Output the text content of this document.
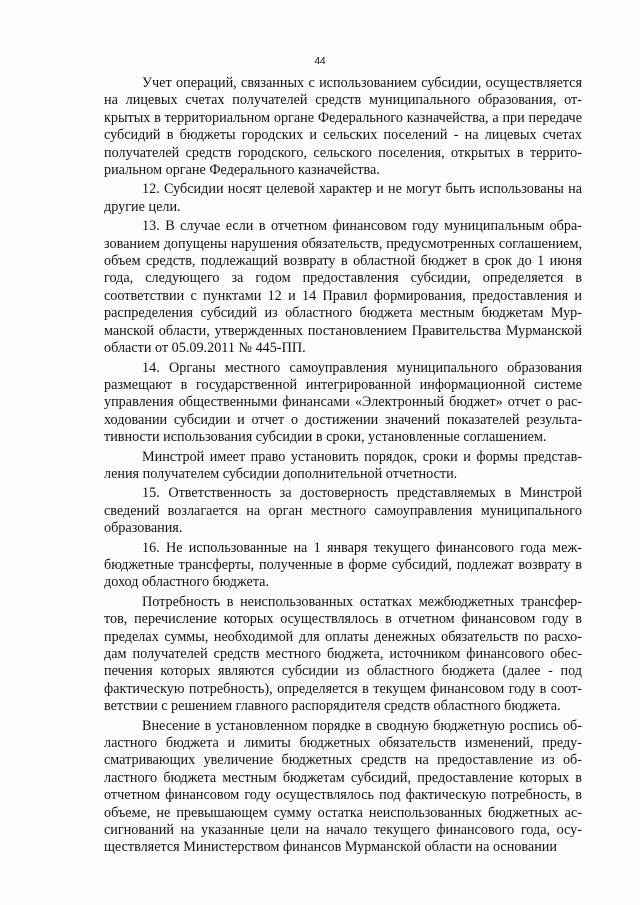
44

Учет операций, связанных с использованием субсидии, осуществляется на лицевых счетах получателей средств муниципального образования, открытых в территориальном органе Федерального казначейства, а при передаче субсидий в бюджеты городских и сельских поселений - на лицевых счетах получателей средств городского, сельского поселения, открытых в территориальном органе Федерального казначейства.

12. Субсидии носят целевой характер и не могут быть использованы на другие цели.

13. В случае если в отчетном финансовом году муниципальным образованием допущены нарушения обязательств, предусмотренных соглашением, объем средств, подлежащий возврату в областной бюджет в срок до 1 июня года, следующего за годом предоставления субсидии, определяется в соответствии с пунктами 12 и 14 Правил формирования, предоставления и распределения субсидий из областного бюджета местным бюджетам Мурманской области, утвержденных постановлением Правительства Мурманской области от 05.09.2011 № 445-ПП.

14. Органы местного самоуправления муниципального образования размещают в государственной интегрированной информационной системе управления общественными финансами «Электронный бюджет» отчет о расходовании субсидии и отчет о достижении значений показателей результативности использования субсидии в сроки, установленные соглашением.

Минстрой имеет право установить порядок, сроки и формы представления получателем субсидии дополнительной отчетности.

15. Ответственность за достоверность представляемых в Минстрой сведений возлагается на орган местного самоуправления муниципального образования.

16. Не использованные на 1 января текущего финансового года межбюджетные трансферты, полученные в форме субсидий, подлежат возврату в доход областного бюджета.

Потребность в неиспользованных остатках межбюджетных трансфертов, перечисление которых осуществлялось в отчетном финансовом году в пределах суммы, необходимой для оплаты денежных обязательств по расходам получателей средств местного бюджета, источником финансового обеспечения которых являются субсидии из областного бюджета (далее - под фактическую потребность), определяется в текущем финансовом году в соответствии с решением главного распорядителя средств областного бюджета.

Внесение в установленном порядке в сводную бюджетную роспись областного бюджета и лимиты бюджетных обязательств изменений, предусматривающих увеличение бюджетных средств на предоставление из областного бюджета местным бюджетам субсидий, предоставление которых в отчетном финансовом году осуществлялось под фактическую потребность, в объеме, не превышающем сумму остатка неиспользованных бюджетных ассигнований на указанные цели на начало текущего финансового года, осуществляется Министерством финансов Мурманской области на основании
